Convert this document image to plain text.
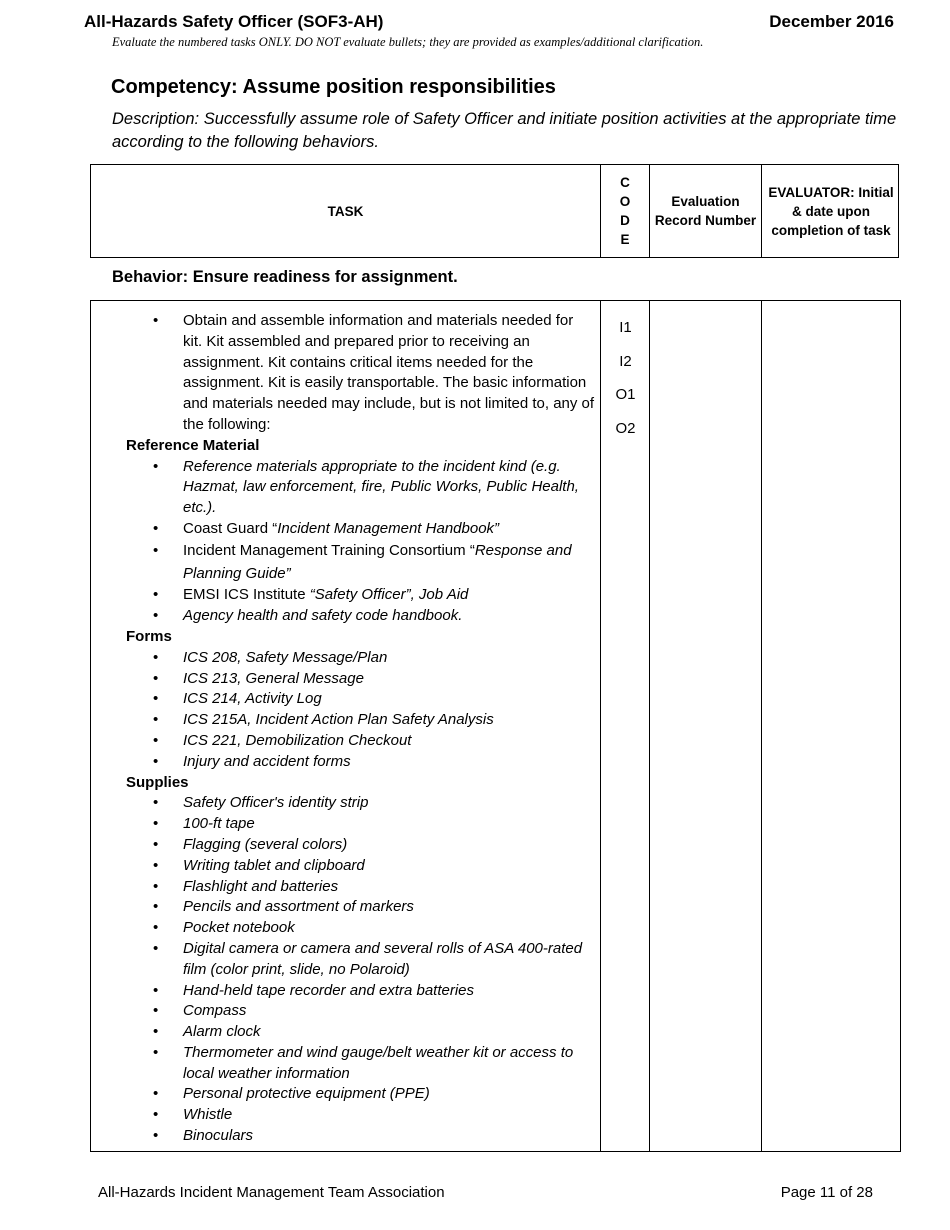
All-Hazards Safety Officer (SOF3-AH)	December 2016
Evaluate the numbered tasks ONLY. DO NOT evaluate bullets; they are provided as examples/additional clarification.
Competency: Assume position responsibilities
Description: Successfully assume role of Safety Officer and initiate position activities at the appropriate time according to the following behaviors.
TASK
C
O
D
E
Evaluation Record Number
EVALUATOR: Initial & date upon completion of task
Behavior: Ensure readiness for assignment.
I1
I2
O1
O2
• Obtain and assemble information and materials needed for kit. Kit assembled and prepared prior to receiving an assignment. Kit contains critical items needed for the assignment. Kit is easily transportable. The basic information and materials needed may include, but is not limited to, any of the following:
Reference Material
• Reference materials appropriate to the incident kind (e.g. Hazmat, law enforcement, fire, Public Works, Public Health, etc.).
• Coast Guard “Incident Management Handbook”
• Incident Management Training Consortium “Response and Planning Guide”
• EMSI ICS Institute “Safety Officer”, Job Aid
• Agency health and safety code handbook.
Forms
• ICS 208, Safety Message/Plan
• ICS 213, General Message
• ICS 214, Activity Log
• ICS 215A, Incident Action Plan Safety Analysis
• ICS 221, Demobilization Checkout
• Injury and accident forms
Supplies
• Safety Officer's identity strip
• 100-ft tape
• Flagging (several colors)
• Writing tablet and clipboard
• Flashlight and batteries
• Pencils and assortment of markers
• Pocket notebook
• Digital camera or camera and several rolls of ASA 400-rated film (color print, slide, no Polaroid)
• Hand-held tape recorder and extra batteries
• Compass
• Alarm clock
• Thermometer and wind gauge/belt weather kit or access to local weather information
• Personal protective equipment (PPE)
• Whistle
• Binoculars
All-Hazards Incident Management Team Association	Page 11 of 28
